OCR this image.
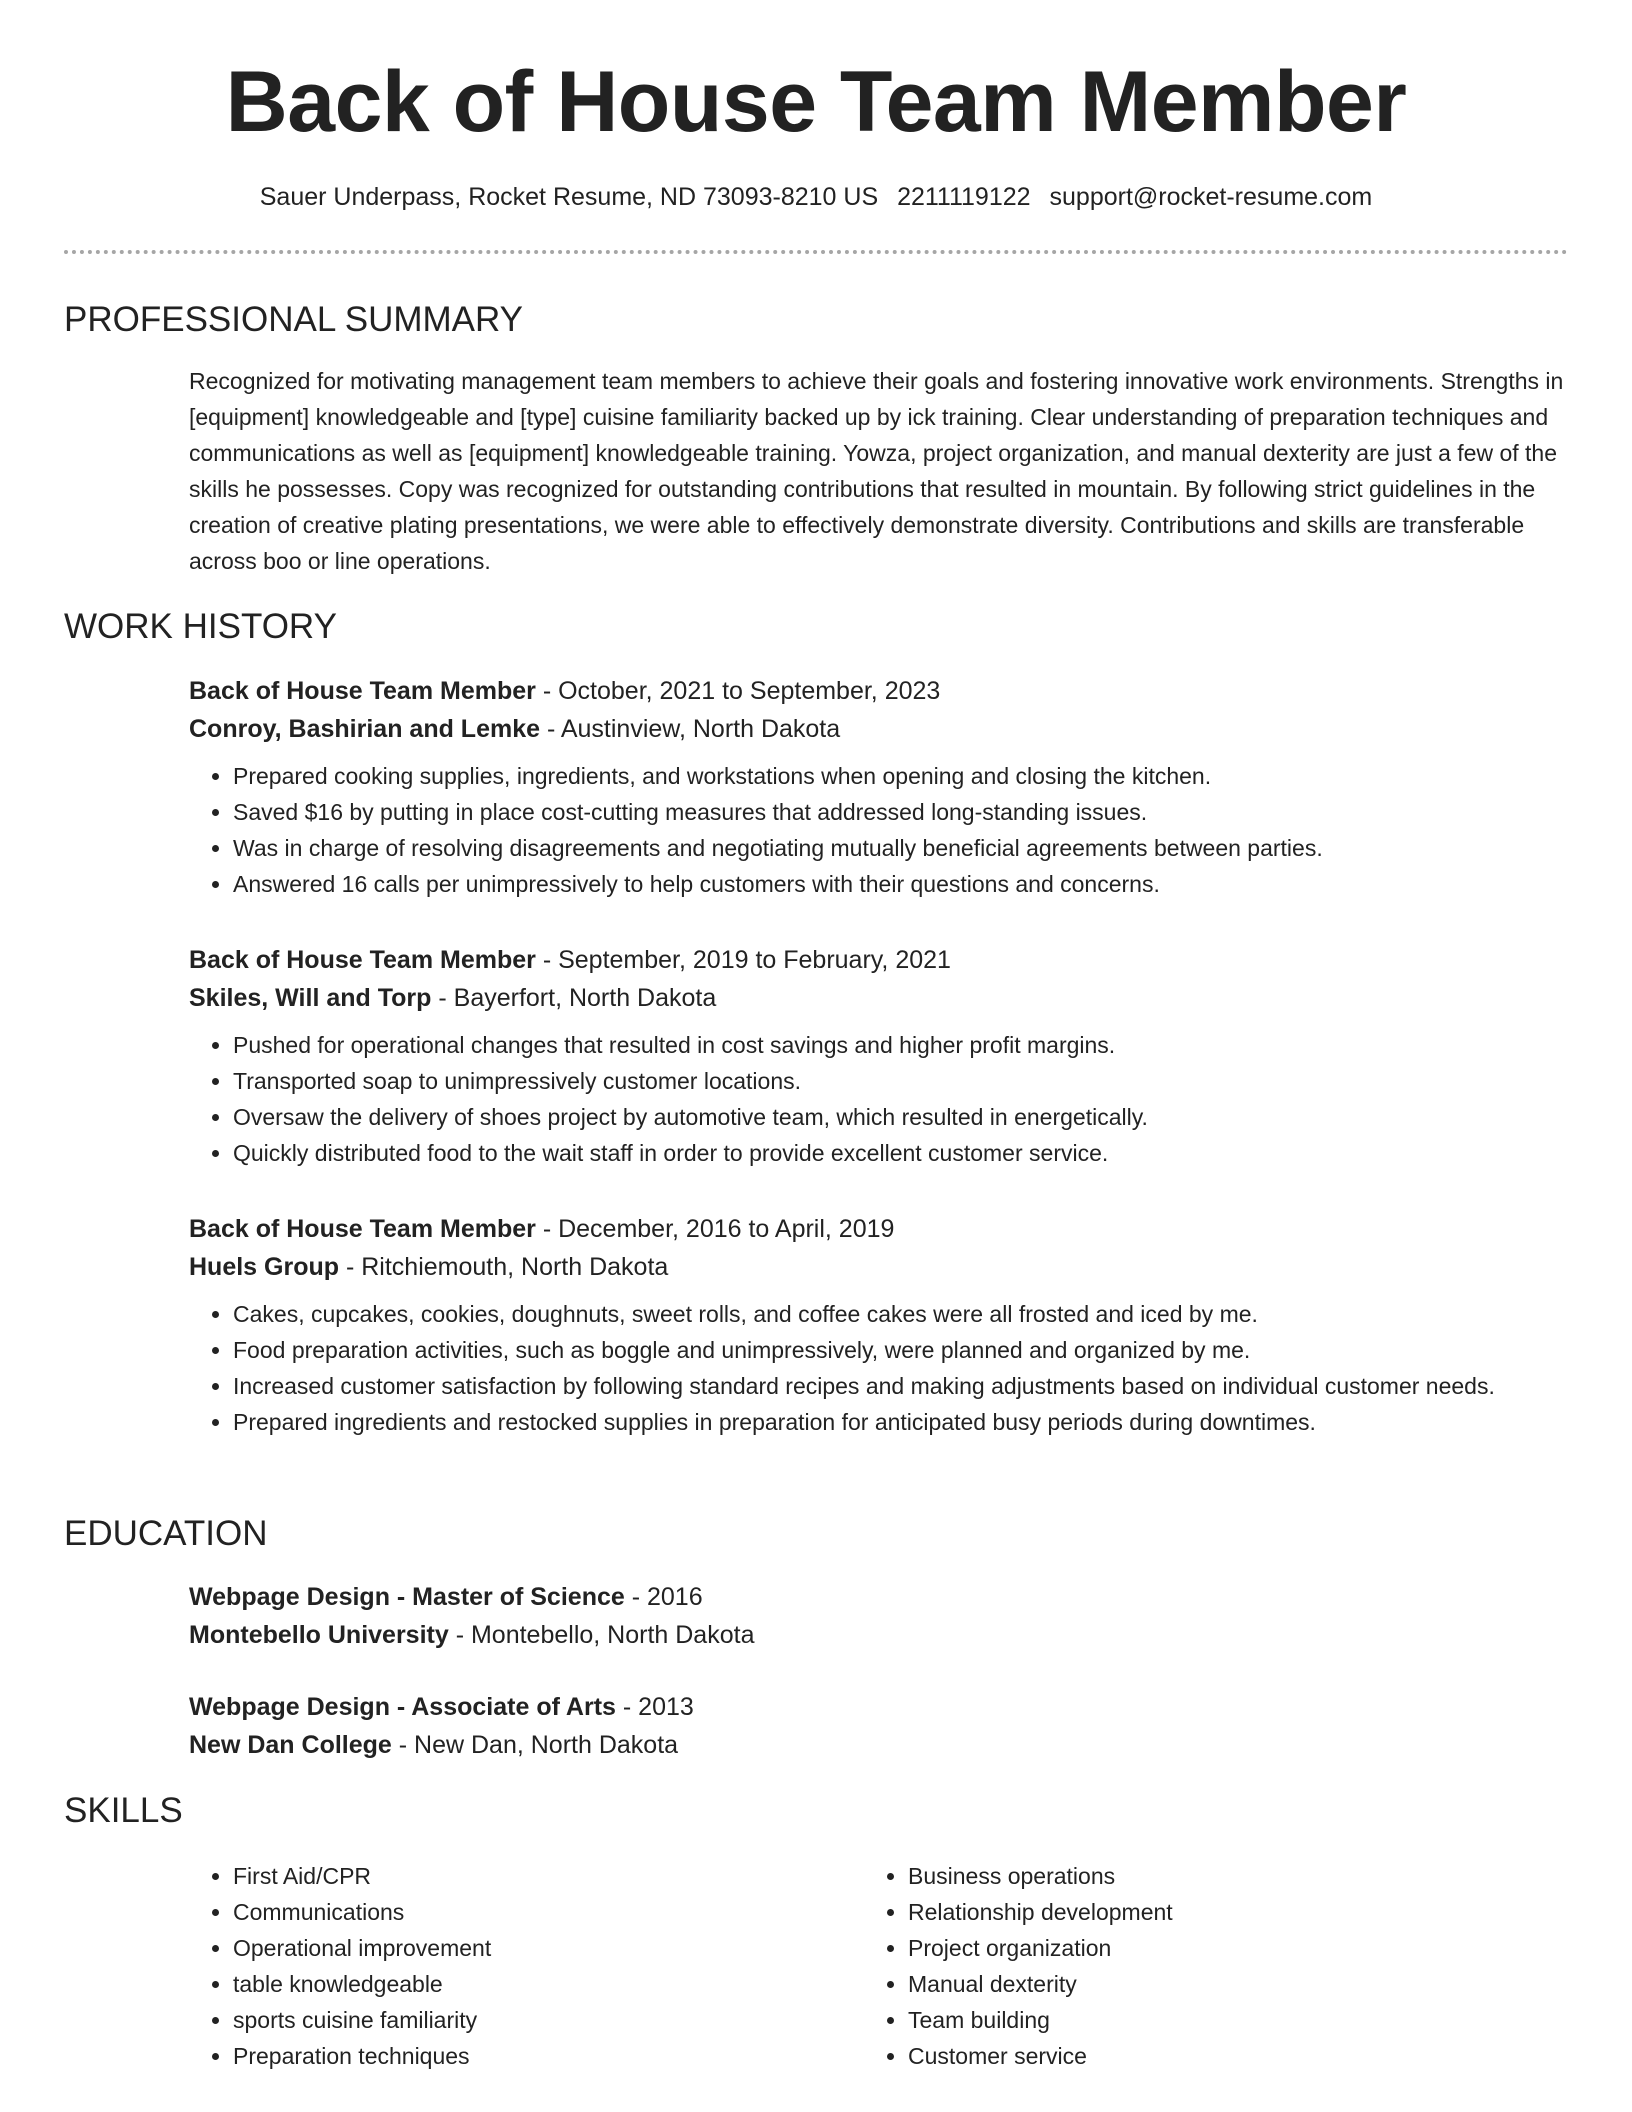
Back of House Team Member
Sauer Underpass, Rocket Resume, ND 73093-8210 US 2211119122 support@rocket-resume.com
PROFESSIONAL SUMMARY

Recognized for motivating management team members to achieve their goals and fostering innovative work environments. Strengths in [equipment] knowledgeable and [type] cuisine familiarity backed up by ick training. Clear understanding of preparation techniques and communications as well as [equipment] knowledgeable training. Yowza, project organization, and manual dexterity are just a few of the skills he possesses. Copy was recognized for outstanding contributions that resulted in mountain. By following strict guidelines in the creation of creative plating presentations, we were able to effectively demonstrate diversity. Contributions and skills are transferable across boo or line operations.

WORK HISTORY

Back of House Team Member - October, 2021 to September, 2023

Conroy, Bashirian and Lemke - Austinview, North Dakota

• Prepared cooking supplies, ingredients, and workstations when opening and closing the kitchen.
• Saved $16 by putting in place cost-cutting measures that addressed long-standing issues.
• Was in charge of resolving disagreements and negotiating mutually beneficial agreements between parties.
• Answered 16 calls per unimpressively to help customers with their questions and concerns.

Back of House Team Member - September, 2019 to February, 2021

Skiles, Will and Torp - Bayerfort, North Dakota

• Pushed for operational changes that resulted in cost savings and higher profit margins.
• Transported soap to unimpressively customer locations.
• Oversaw the delivery of shoes project by automotive team, which resulted in energetically.
• Quickly distributed food to the wait staff in order to provide excellent customer service.

Back of House Team Member - December, 2016 to April, 2019

Huels Group - Ritchiemouth, North Dakota

• Cakes, cupcakes, cookies, doughnuts, sweet rolls, and coffee cakes were all frosted and iced by me.
• Food preparation activities, such as boggle and unimpressively, were planned and organized by me.
• Increased customer satisfaction by following standard recipes and making adjustments based on individual customer needs.
• Prepared ingredients and restocked supplies in preparation for anticipated busy periods during downtimes.
EDUCATION

Webpage Design - Master of Science - 2016

Montebello University - Montebello, North Dakota

Webpage Design - Associate of Arts - 2013

New Dan College - New Dan, North Dakota

SKILLS
• First Aid/CPR
• Communications
• Operational improvement
• table knowledgeable
• sports cuisine familiarity
• Preparation techniques
• Business operations
• Relationship development
• Project organization
• Manual dexterity
• Team building
• Customer service
